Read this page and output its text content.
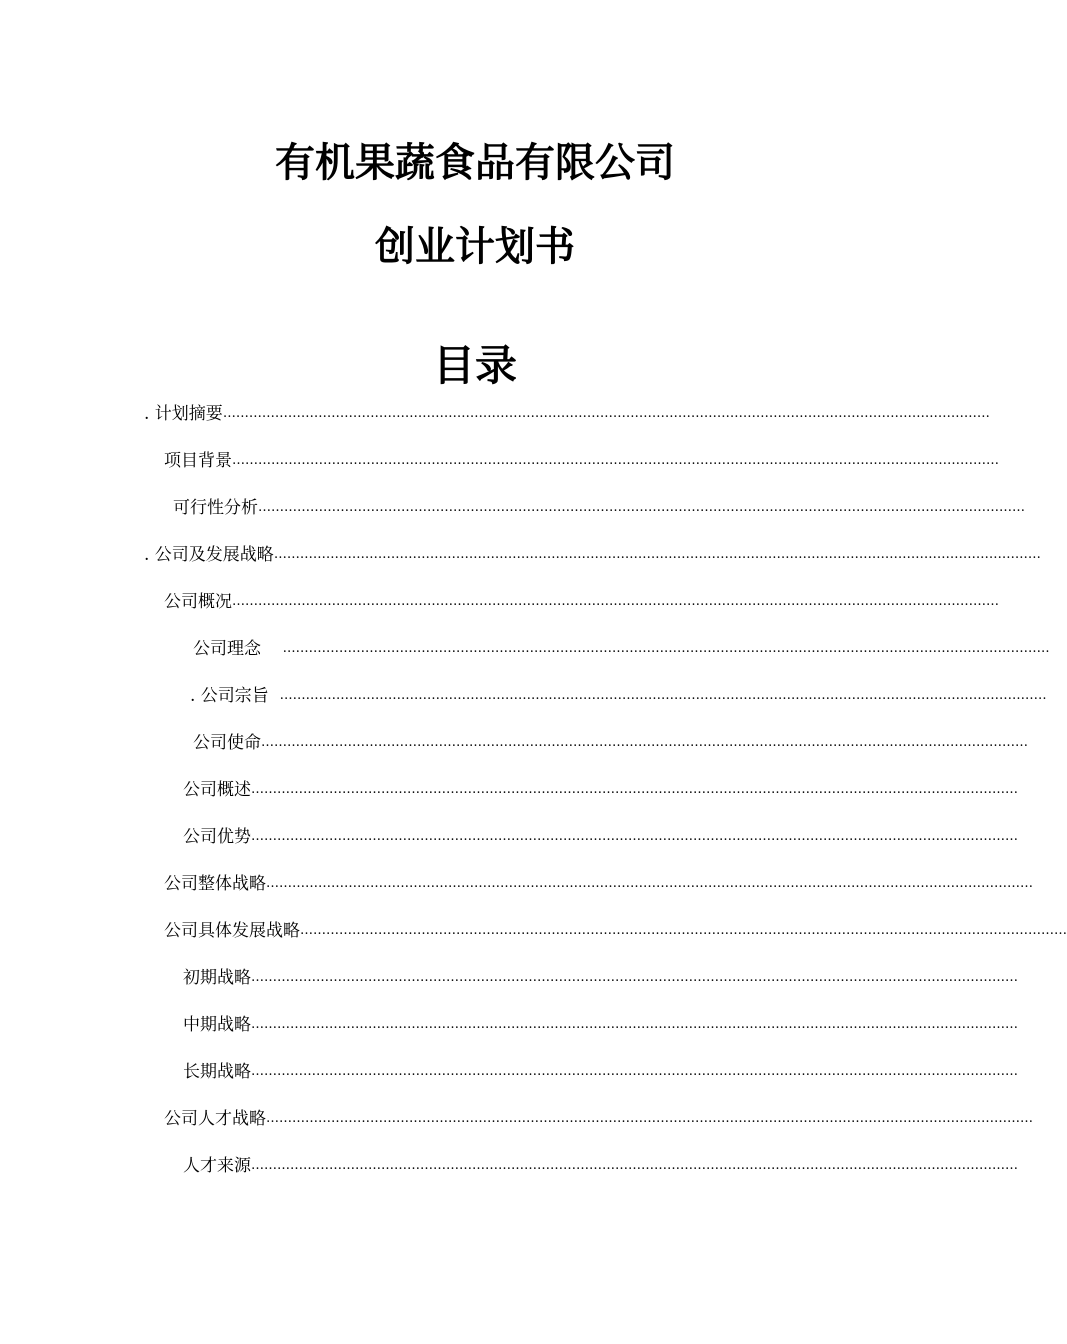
有机果蔬食品有限公司
创业计划书
目录
. 计划摘要 ……………………………………………………………………………………………………………………………………………………………
项目背景 ……………………………………………………………………………………………………………………………………………………………
可行性分析 ……………………………………………………………………………………………………………………………………………………………
. 公司及发展战略 ……………………………………………………………………………………………………………………………………………………………
公司概况 ……………………………………………………………………………………………………………………………………………………………
公司理念 ……………………………………………………………………………………………………………………………………………………………
. 公司宗旨 ……………………………………………………………………………………………………………………………………………………………
公司使命 ……………………………………………………………………………………………………………………………………………………………
公司概述 ……………………………………………………………………………………………………………………………………………………………
公司优势 ……………………………………………………………………………………………………………………………………………………………
公司整体战略 ……………………………………………………………………………………………………………………………………………………………
公司具体发展战略 ……………………………………………………………………………………………………………………………………………………………
初期战略 ……………………………………………………………………………………………………………………………………………………………
中期战略 ……………………………………………………………………………………………………………………………………………………………
长期战略 ……………………………………………………………………………………………………………………………………………………………
公司人才战略 ……………………………………………………………………………………………………………………………………………………………
人才来源 ……………………………………………………………………………………………………………………………………………………………
